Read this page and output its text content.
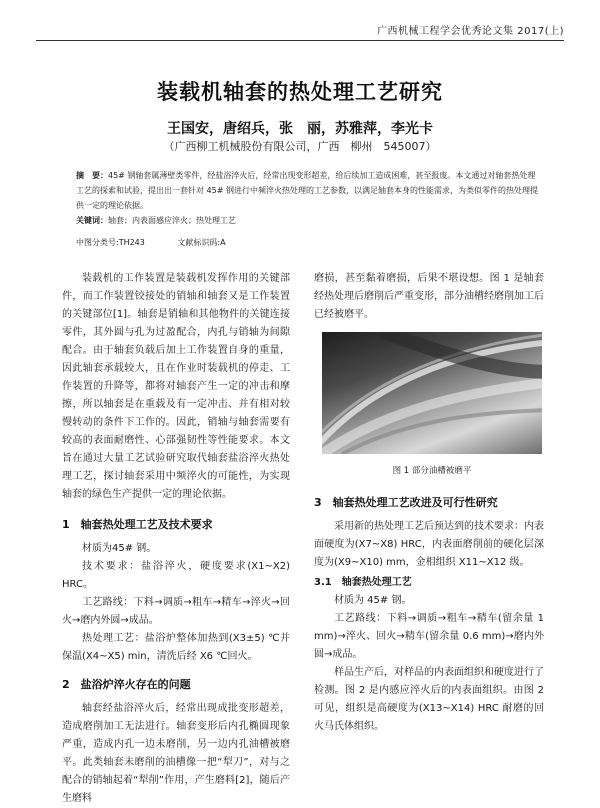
广西机械工程学会优秀论文集 2017(上)
装载机轴套的热处理工艺研究
王国安，唐绍兵，张　丽，苏雅萍，李光卡
（广西柳工机械股份有限公司，广西　柳州　545007）
摘　要：45# 钢轴套属薄壁类零件，经盐浴淬火后，经常出现变形超差，给后续加工造成困难，甚至报废。本文通过对轴套热处理工艺的探索和试验，提出出一套针对 45# 钢进行中频淬火热处理的工艺参数，以满足轴套本身的性能需求，为类似零件的热处理提供一定的理论依据。
关键词：轴套；内表面感应淬火；热处理工艺
中图分类号:TH243	文献标识码:A

装载机的工作装置是装载机发挥作用的关键部件，而工作装置铰接处的销轴和轴套又是工作装置的关键部位[1]。轴套是销轴和其他物件的关键连接零件，其外圆与孔为过盈配合，内孔与销轴为间隙配合。由于轴套负载后加上工作装置自身的重量，因此轴套承载较大，且在作业时装载机的停走、工作装置的升降等，都将对轴套产生一定的冲击和摩擦，所以轴套是在重载及有一定冲击、并有相对较慢转动的条件下工作的。因此，销轴与轴套需要有较高的表面耐磨性、心部强韧性等性能要求。本文旨在通过大量工艺试验研究取代轴套盐浴淬火热处理工艺，探讨轴套采用中频淬火的可能性，为实现轴套的绿色生产提供一定的理论依据。

1　轴套热处理工艺及技术要求

材质为45# 钢。

技术要求：盐浴淬火，硬度要求(X1~X2) HRC。

工艺路线：下料→调质→粗车→精车→淬火→回火→磨内外圆→成品。

热处理工艺：盐浴炉整体加热到(X3±5) ℃并保温(X4~X5) min，清洗后经 X6 ℃回火。

2　盐浴炉淬火存在的问题

轴套经盐浴淬火后，经常出现成批变形超差，造成磨削加工无法进行。轴套变形后内孔椭圆现象严重，造成内孔一边未磨削，另一边内孔油槽被磨平。此类轴套未磨削的油槽像一把“犁刀”，对与之配合的销轴起着“犁削”作用，产生磨料[2]，随后产生磨料

磨损，甚至黏着磨损，后果不堪设想。图 1 是轴套经热处理后磨削后严重变形，部分油槽经磨削加工后已经被磨平。

图 1 部分油槽被磨平
3　轴套热处理工艺改进及可行性研究

采用新的热处理工艺后预达到的技术要求：内表面硬度为(X7~X8) HRC，内表面磨削前的硬化层深度为(X9~X10) mm，金相组织 X11~X12 级。

3.1　轴套热处理工艺

材质为 45# 钢。

工艺路线：下料→调质→粗车→精车(留余量 1 mm)→淬火、回火→精车(留余量 0.6 mm)→磨内外圆→成品。

样品生产后，对样品的内表面组织和硬度进行了检测。图 2 是内感应淬火后的内表面组织。由图 2 可见，组织是高硬度为(X13~X14) HRC 耐磨的回火马氏体组织。
